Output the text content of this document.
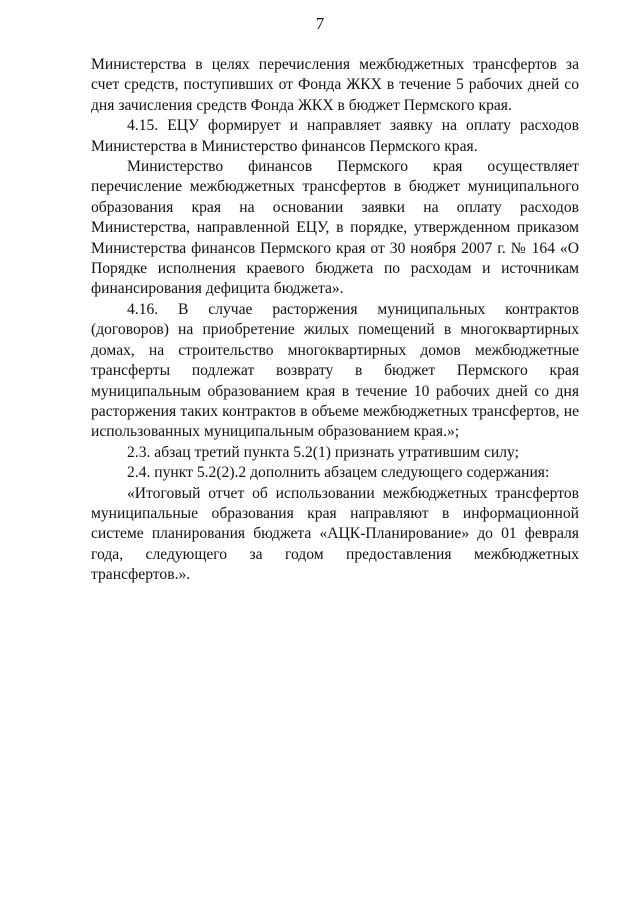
7

Министерства в целях перечисления межбюджетных трансфертов за счет средств, поступивших от Фонда ЖКХ в течение 5 рабочих дней со дня зачисления средств Фонда ЖКХ в бюджет Пермского края.

4.15. ЕЦУ формирует и направляет заявку на оплату расходов Министерства в Министерство финансов Пермского края.

Министерство финансов Пермского края осуществляет перечисление межбюджетных трансфертов в бюджет муниципального образования края на основании заявки на оплату расходов Министерства, направленной ЕЦУ, в порядке, утвержденном приказом Министерства финансов Пермского края от 30 ноября 2007 г. № 164 «О Порядке исполнения краевого бюджета по расходам и источникам финансирования дефицита бюджета».

4.16. В случае расторжения муниципальных контрактов (договоров) на приобретение жилых помещений в многоквартирных домах, на строительство многоквартирных домов межбюджетные трансферты подлежат возврату в бюджет Пермского края муниципальным образованием края в течение 10 рабочих дней со дня расторжения таких контрактов в объеме межбюджетных трансфертов, не использованных муниципальным образованием края.»;

2.3. абзац третий пункта 5.2(1) признать утратившим силу;

2.4. пункт 5.2(2).2 дополнить абзацем следующего содержания:

«Итоговый отчет об использовании межбюджетных трансфертов муниципальные образования края направляют в информационной системе планирования бюджета «АЦК-Планирование» до 01 февраля года, следующего за годом предоставления межбюджетных трансфертов.».
